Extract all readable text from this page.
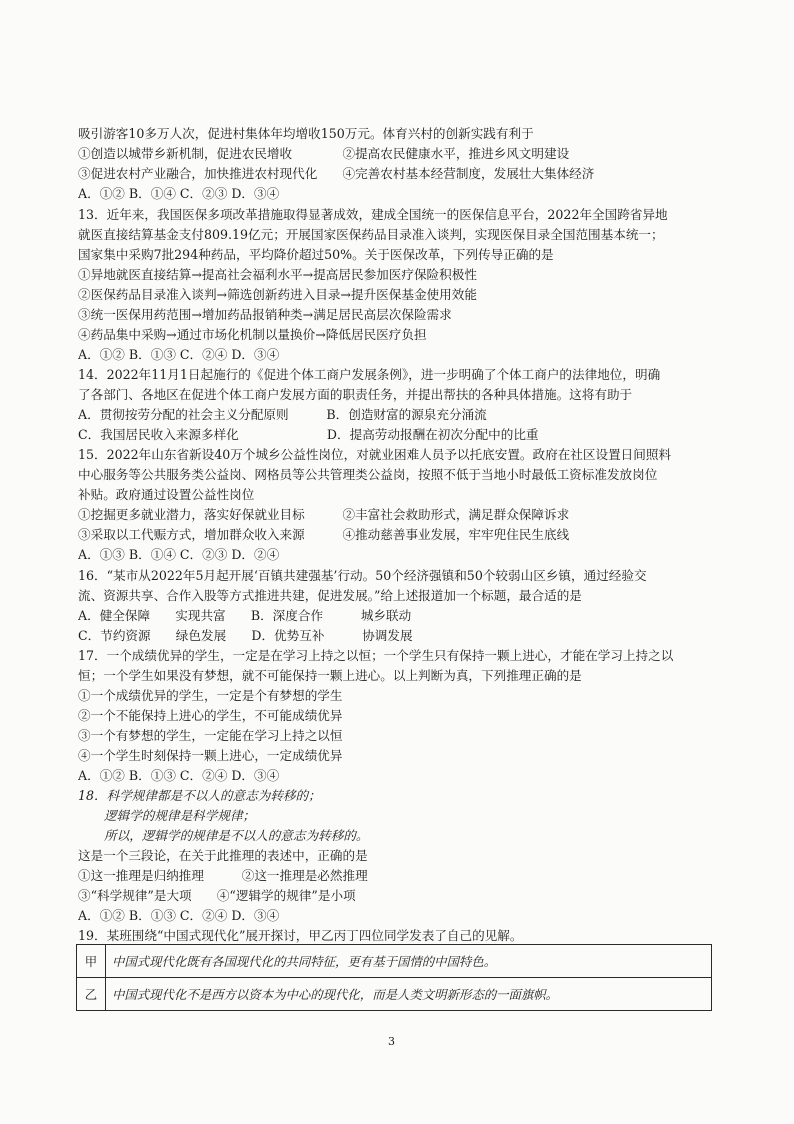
吸引游客10多万人次，促进村集体年均增收150万元。体育兴村的创新实践有利于
①创造以城带乡新机制，促进农民增收　　　　②提高农民健康水平，推进乡风文明建设
③促进农村产业融合，加快推进农村现代化　　④完善农村基本经营制度，发展壮大集体经济
A．①② B．①④ C．②③ D．③④
13．近年来，我国医保多项改革措施取得显著成效，建成全国统一的医保信息平台，2022年全国跨省异地
就医直接结算基金支付809.19亿元；开展国家医保药品目录准入谈判，实现医保目录全国范围基本统一；
国家集中采购7批294种药品，平均降价超过50%。关于医保改革，下列传导正确的是
①异地就医直接结算→提高社会福利水平→提高居民参加医疗保险积极性
②医保药品目录准入谈判→筛选创新药进入目录→提升医保基金使用效能
③统一医保用药范围→增加药品报销种类→满足居民高层次保险需求
④药品集中采购→通过市场化机制以量换价→降低居民医疗负担
A．①② B．①③ C．②④ D．③④
14．2022年11月1日起施行的《促进个体工商户发展条例》，进一步明确了个体工商户的法律地位，明确
了各部门、各地区在促进个体工商户发展方面的职责任务，并提出帮扶的各种具体措施。这将有助于
A．贯彻按劳分配的社会主义分配原则　　　B．创造财富的源泉充分涌流
C．我国居民收入来源多样化　　　　　　　D．提高劳动报酬在初次分配中的比重
15．2022年山东省新设40万个城乡公益性岗位，对就业困难人员予以托底安置。政府在社区设置日间照料
中心服务等公共服务类公益岗、网格员等公共管理类公益岗，按照不低于当地小时最低工资标准发放岗位
补贴。政府通过设置公益性岗位
①挖掘更多就业潜力，落实好保就业目标　　　②丰富社会救助形式，满足群众保障诉求
③采取以工代赈方式，增加群众收入来源　　　④推动慈善事业发展，牢牢兜住民生底线
A．①③ B．①④ C．②③ D．②④
16．“某市从2022年5月起开展‘百镇共建强基’行动。50个经济强镇和50个较弱山区乡镇，通过经验交
流、资源共享、合作入股等方式推进共建，促进发展。”给上述报道加一个标题，最合适的是
A．健全保障　　实现共富　　B．深度合作　　　城乡联动
C．节约资源　　绿色发展　　D．优势互补　　　协调发展
17．一个成绩优异的学生，一定是在学习上持之以恒；一个学生只有保持一颗上进心，才能在学习上持之以
恒；一个学生如果没有梦想，就不可能保持一颗上进心。以上判断为真，下列推理正确的是
①一个成绩优异的学生，一定是个有梦想的学生
②一个不能保持上进心的学生，不可能成绩优异
③一个有梦想的学生，一定能在学习上持之以恒
④一个学生时刻保持一颗上进心，一定成绩优异
A．①② B．①③ C．②④ D．③④
18．科学规律都是不以人的意志为转移的；
逻辑学的规律是科学规律；
所以，逻辑学的规律是不以人的意志为转移的。
这是一个三段论，在关于此推理的表述中，正确的是
①这一推理是归纳推理　　　②这一推理是必然推理
③“科学规律”是大项　　④“逻辑学的规律”是小项
A．①② B．①③ C．②④ D．③④
19．某班围绕“中国式现代化”展开探讨，甲乙丙丁四位同学发表了自己的见解。
甲	中国式现代化既有各国现代化的共同特征，更有基于国情的中国特色。
乙	中国式现代化不是西方以资本为中心的现代化，而是人类文明新形态的一面旗帜。
3
